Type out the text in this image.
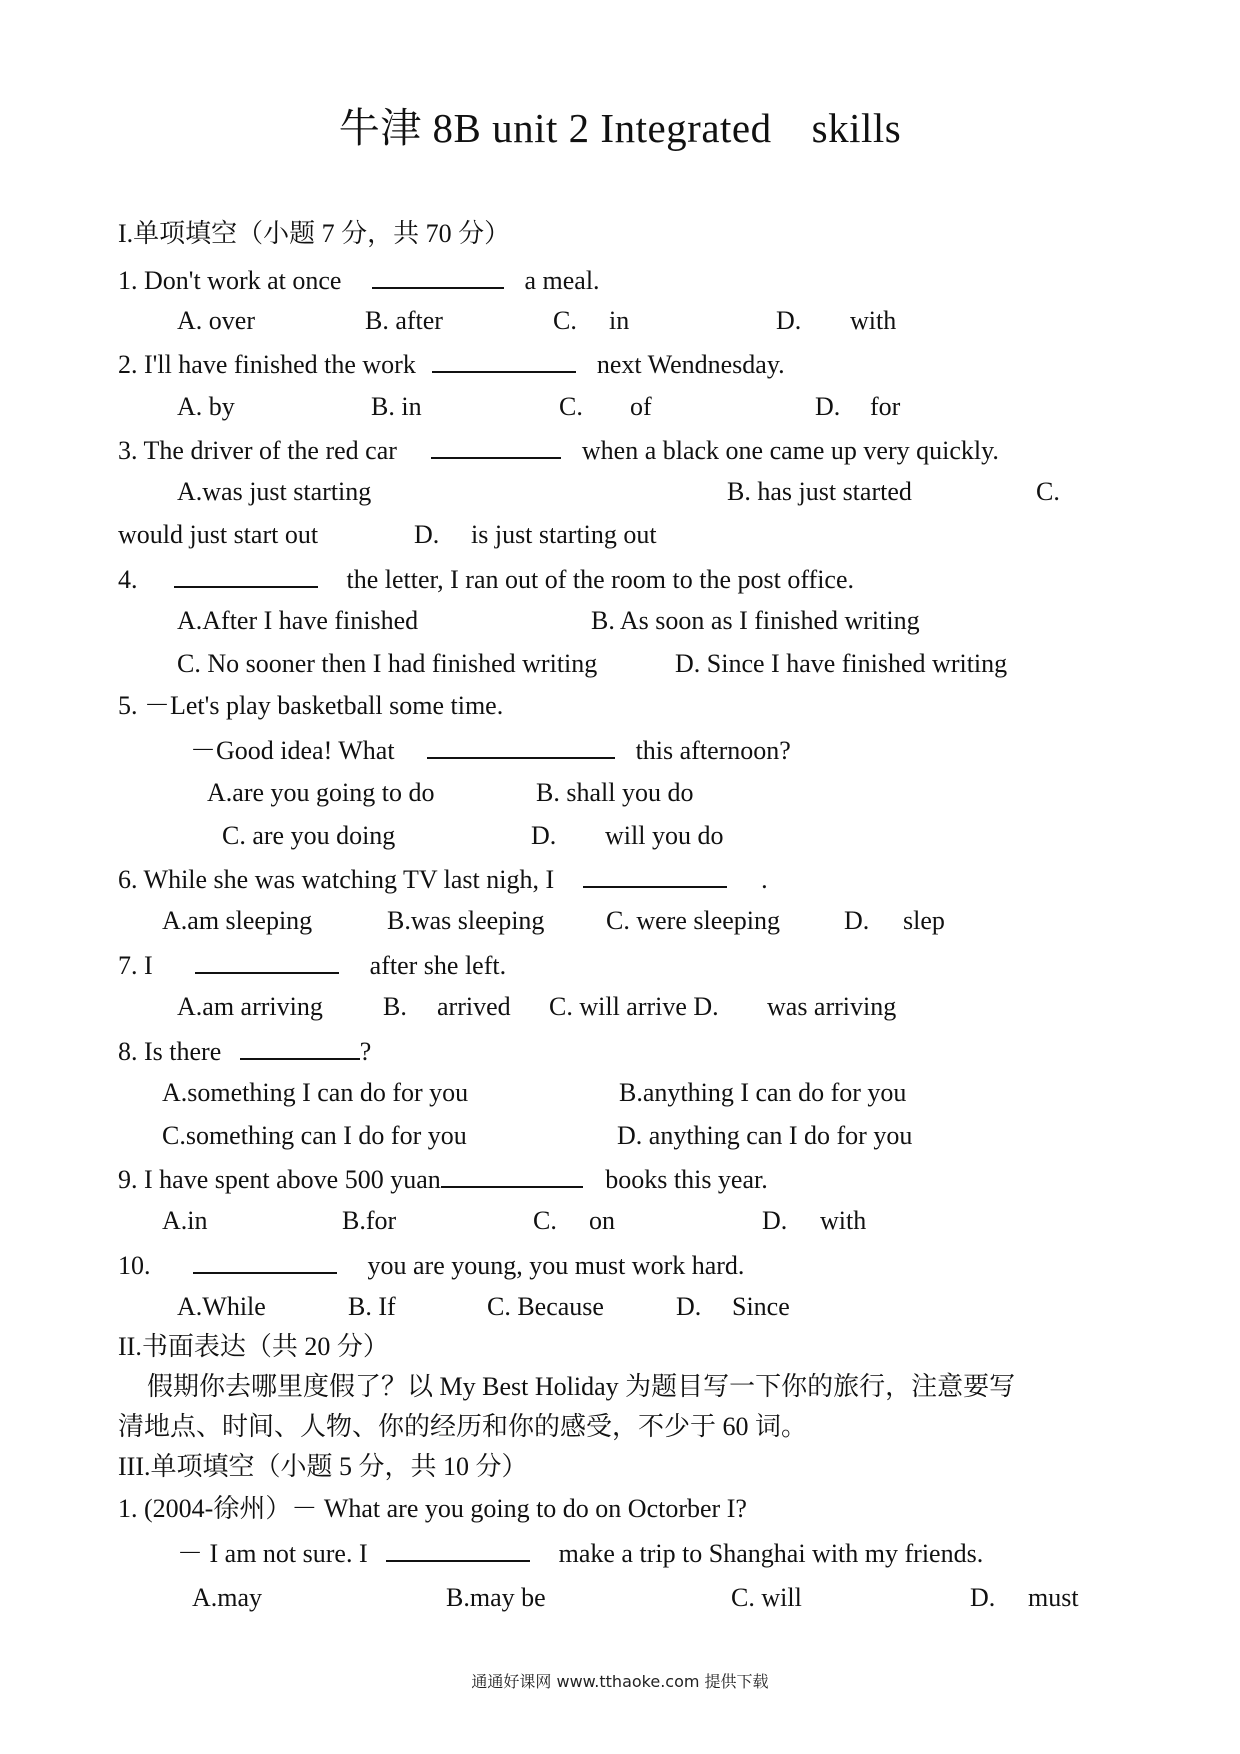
牛津 8B unit 2 Integrated skills
I.单项填空（小题 7 分，共 70 分）
1. Don't work at once	a meal.
A. over	B. after	C. in	D. with
2. I'll have finished the work	next Wendnesday.
A. by	B. in	C. of	D. for
3. The driver of the red car	when a black one came up very quickly.
A.was just starting	B. has just started	C.
would just start out	D. is just starting out
4.	the letter, I ran out of the room to the post office.
A.After I have finished	B. As soon as I finished writing
C. No sooner then I had finished writing	D. Since I have finished writing
5. －Let's play basketball some time.
－Good idea! What	this afternoon?
A.are you going to do	B. shall you do
C. are you doing	D. will you do
6. While she was watching TV last nigh, I	.
A.am sleeping	B.was sleeping C. were sleeping D. slep
7. I	after she left.
A.am arriving B. arrived C. will arrive D. was arriving
8. Is there	?
A.something I can do for you	B.anything I can do for you
C.something can I do for you	D. anything can I do for you
9. I have spent above 500 yuan	books this year.
A.in	B.for	C. on	D. with
10.	you are young, you must work hard.
A.While	B. If	C. Because	D. Since
II.书面表达（共 20 分）
假期你去哪里度假了？以 My Best Holiday 为题目写一下你的旅行，注意要写
清地点、时间、人物、你的经历和你的感受，不少于 60 词。
III.单项填空（小题 5 分，共 10 分）
1. (2004-徐州）－ What are you going to do on Octorber I?
－ I am not sure. I	make a trip to Shanghai with my friends.
A.may	B.may be	C. will	D. must
通通好课网 www.tthaoke.com 提供下载
